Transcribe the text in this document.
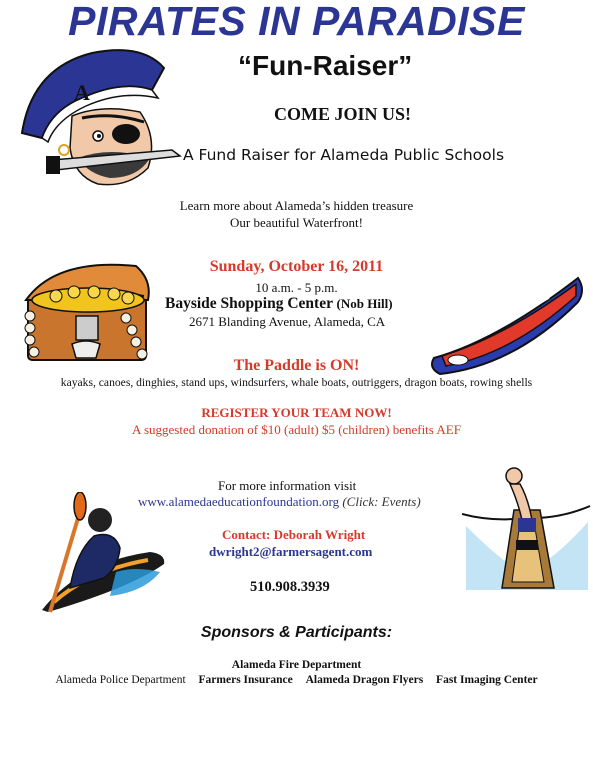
A
PIRATES IN PARADISE
“Fun-Raiser”
COME JOIN US!
A Fund Raiser for Alameda Public Schools
Learn more about Alameda’s hidden treasure
Our beautiful Waterfront!
Sunday, October 16, 2011
10 a.m. - 5 p.m.
Bayside Shopping Center (Nob Hill)
2671 Blanding Avenue, Alameda, CA
The Paddle is ON!
kayaks, canoes, dinghies, stand ups, windsurfers, whale boats, outriggers, dragon boats, rowing shells
REGISTER YOUR TEAM NOW!
A suggested donation of $10 (adult) $5 (children) benefits AEF
For more information visit
www.alamedaeducationfoundation.org (Click: Events)
Contact: Deborah Wright
dwright2@farmersagent.com
510.908.3939
Sponsors & Participants:
Alameda Fire Department
Alameda Police Department Farmers Insurance Alameda Dragon Flyers Fast Imaging Center
